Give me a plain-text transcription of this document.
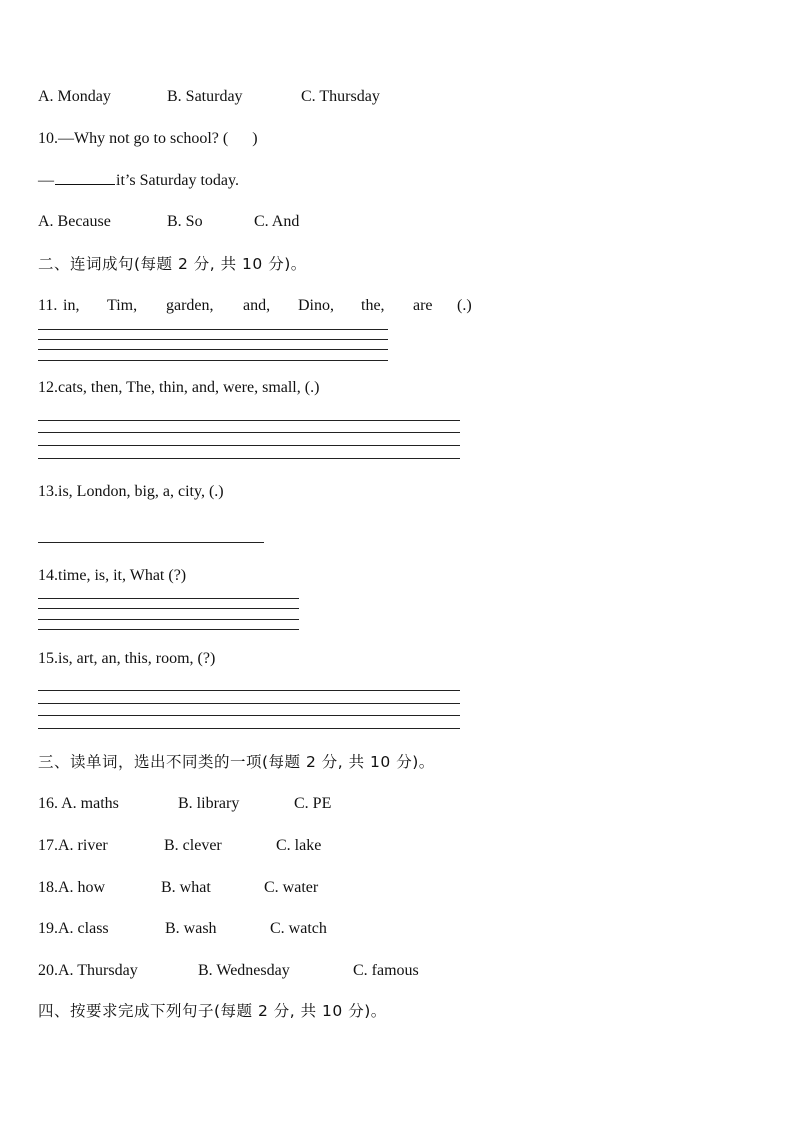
A. Monday	B. Saturday	C. Thursday
10.—Why not go to school? (      )
—	it’s Saturday today.
A. Because	B. So	C. And
二、连词成句(每题 2 分, 共 10 分)。
11. in, Tim, garden, and, Dino, the, are (.)
12.cats, then, The, thin, and, were, small, (.)
13.is, London, big, a, city, (.)
14.time, is, it, What (?)
15.is, art, an, this, room, (?)
三、读单词，选出不同类的一项(每题 2 分, 共 10 分)。
16. A. maths	B. library	C. PE
17.A. river	B. clever	C. lake
18.A. how	B. what	C. water
19.A. class	B. wash	C. watch
20.A. Thursday	B. Wednesday	C. famous
四、按要求完成下列句子(每题 2 分, 共 10 分)。
